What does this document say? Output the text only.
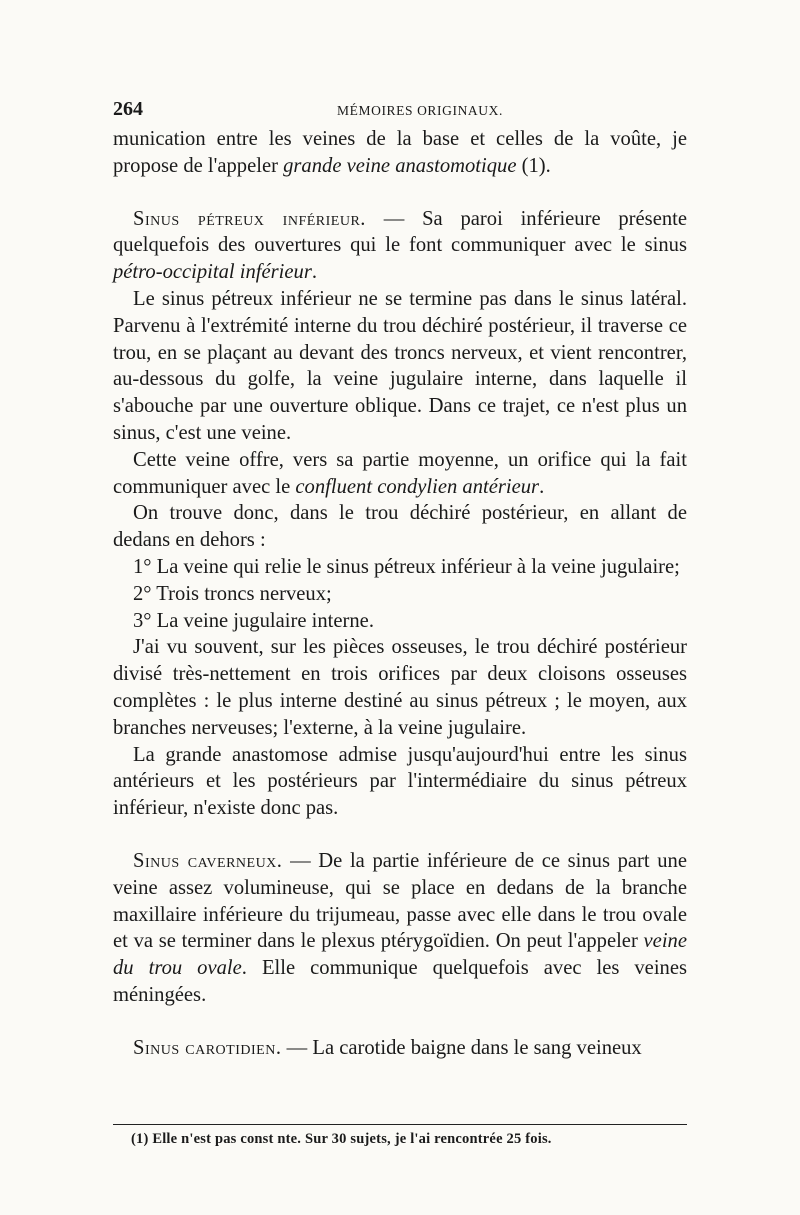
264	MÉMOIRES ORIGINAUX.

munication entre les veines de la base et celles de la voûte, je propose de l'appeler grande veine anastomotique (1).

Sinus pétreux inférieur. — Sa paroi inférieure présente quelquefois des ouvertures qui le font communiquer avec le sinus pétro-occipital inférieur.

Le sinus pétreux inférieur ne se termine pas dans le sinus latéral. Parvenu à l'extrémité interne du trou déchiré postérieur, il traverse ce trou, en se plaçant au devant des troncs nerveux, et vient rencontrer, au-dessous du golfe, la veine jugulaire interne, dans laquelle il s'abouche par une ouverture oblique. Dans ce trajet, ce n'est plus un sinus, c'est une veine.

Cette veine offre, vers sa partie moyenne, un orifice qui la fait communiquer avec le confluent condylien antérieur.

On trouve donc, dans le trou déchiré postérieur, en allant de dedans en dehors :

1° La veine qui relie le sinus pétreux inférieur à la veine jugulaire;

2° Trois troncs nerveux;

3° La veine jugulaire interne.

J'ai vu souvent, sur les pièces osseuses, le trou déchiré postérieur divisé très-nettement en trois orifices par deux cloisons osseuses complètes : le plus interne destiné au sinus pétreux ; le moyen, aux branches nerveuses; l'externe, à la veine jugulaire.

La grande anastomose admise jusqu'aujourd'hui entre les sinus antérieurs et les postérieurs par l'intermédiaire du sinus pétreux inférieur, n'existe donc pas.

Sinus caverneux. — De la partie inférieure de ce sinus part une veine assez volumineuse, qui se place en dedans de la branche maxillaire inférieure du trijumeau, passe avec elle dans le trou ovale et va se terminer dans le plexus ptérygoïdien. On peut l'appeler veine du trou ovale. Elle communique quelquefois avec les veines méningées.

Sinus carotidien. — La carotide baigne dans le sang veineux

(1) Elle n'est pas const nte. Sur 30 sujets, je l'ai rencontrée 25 fois.
